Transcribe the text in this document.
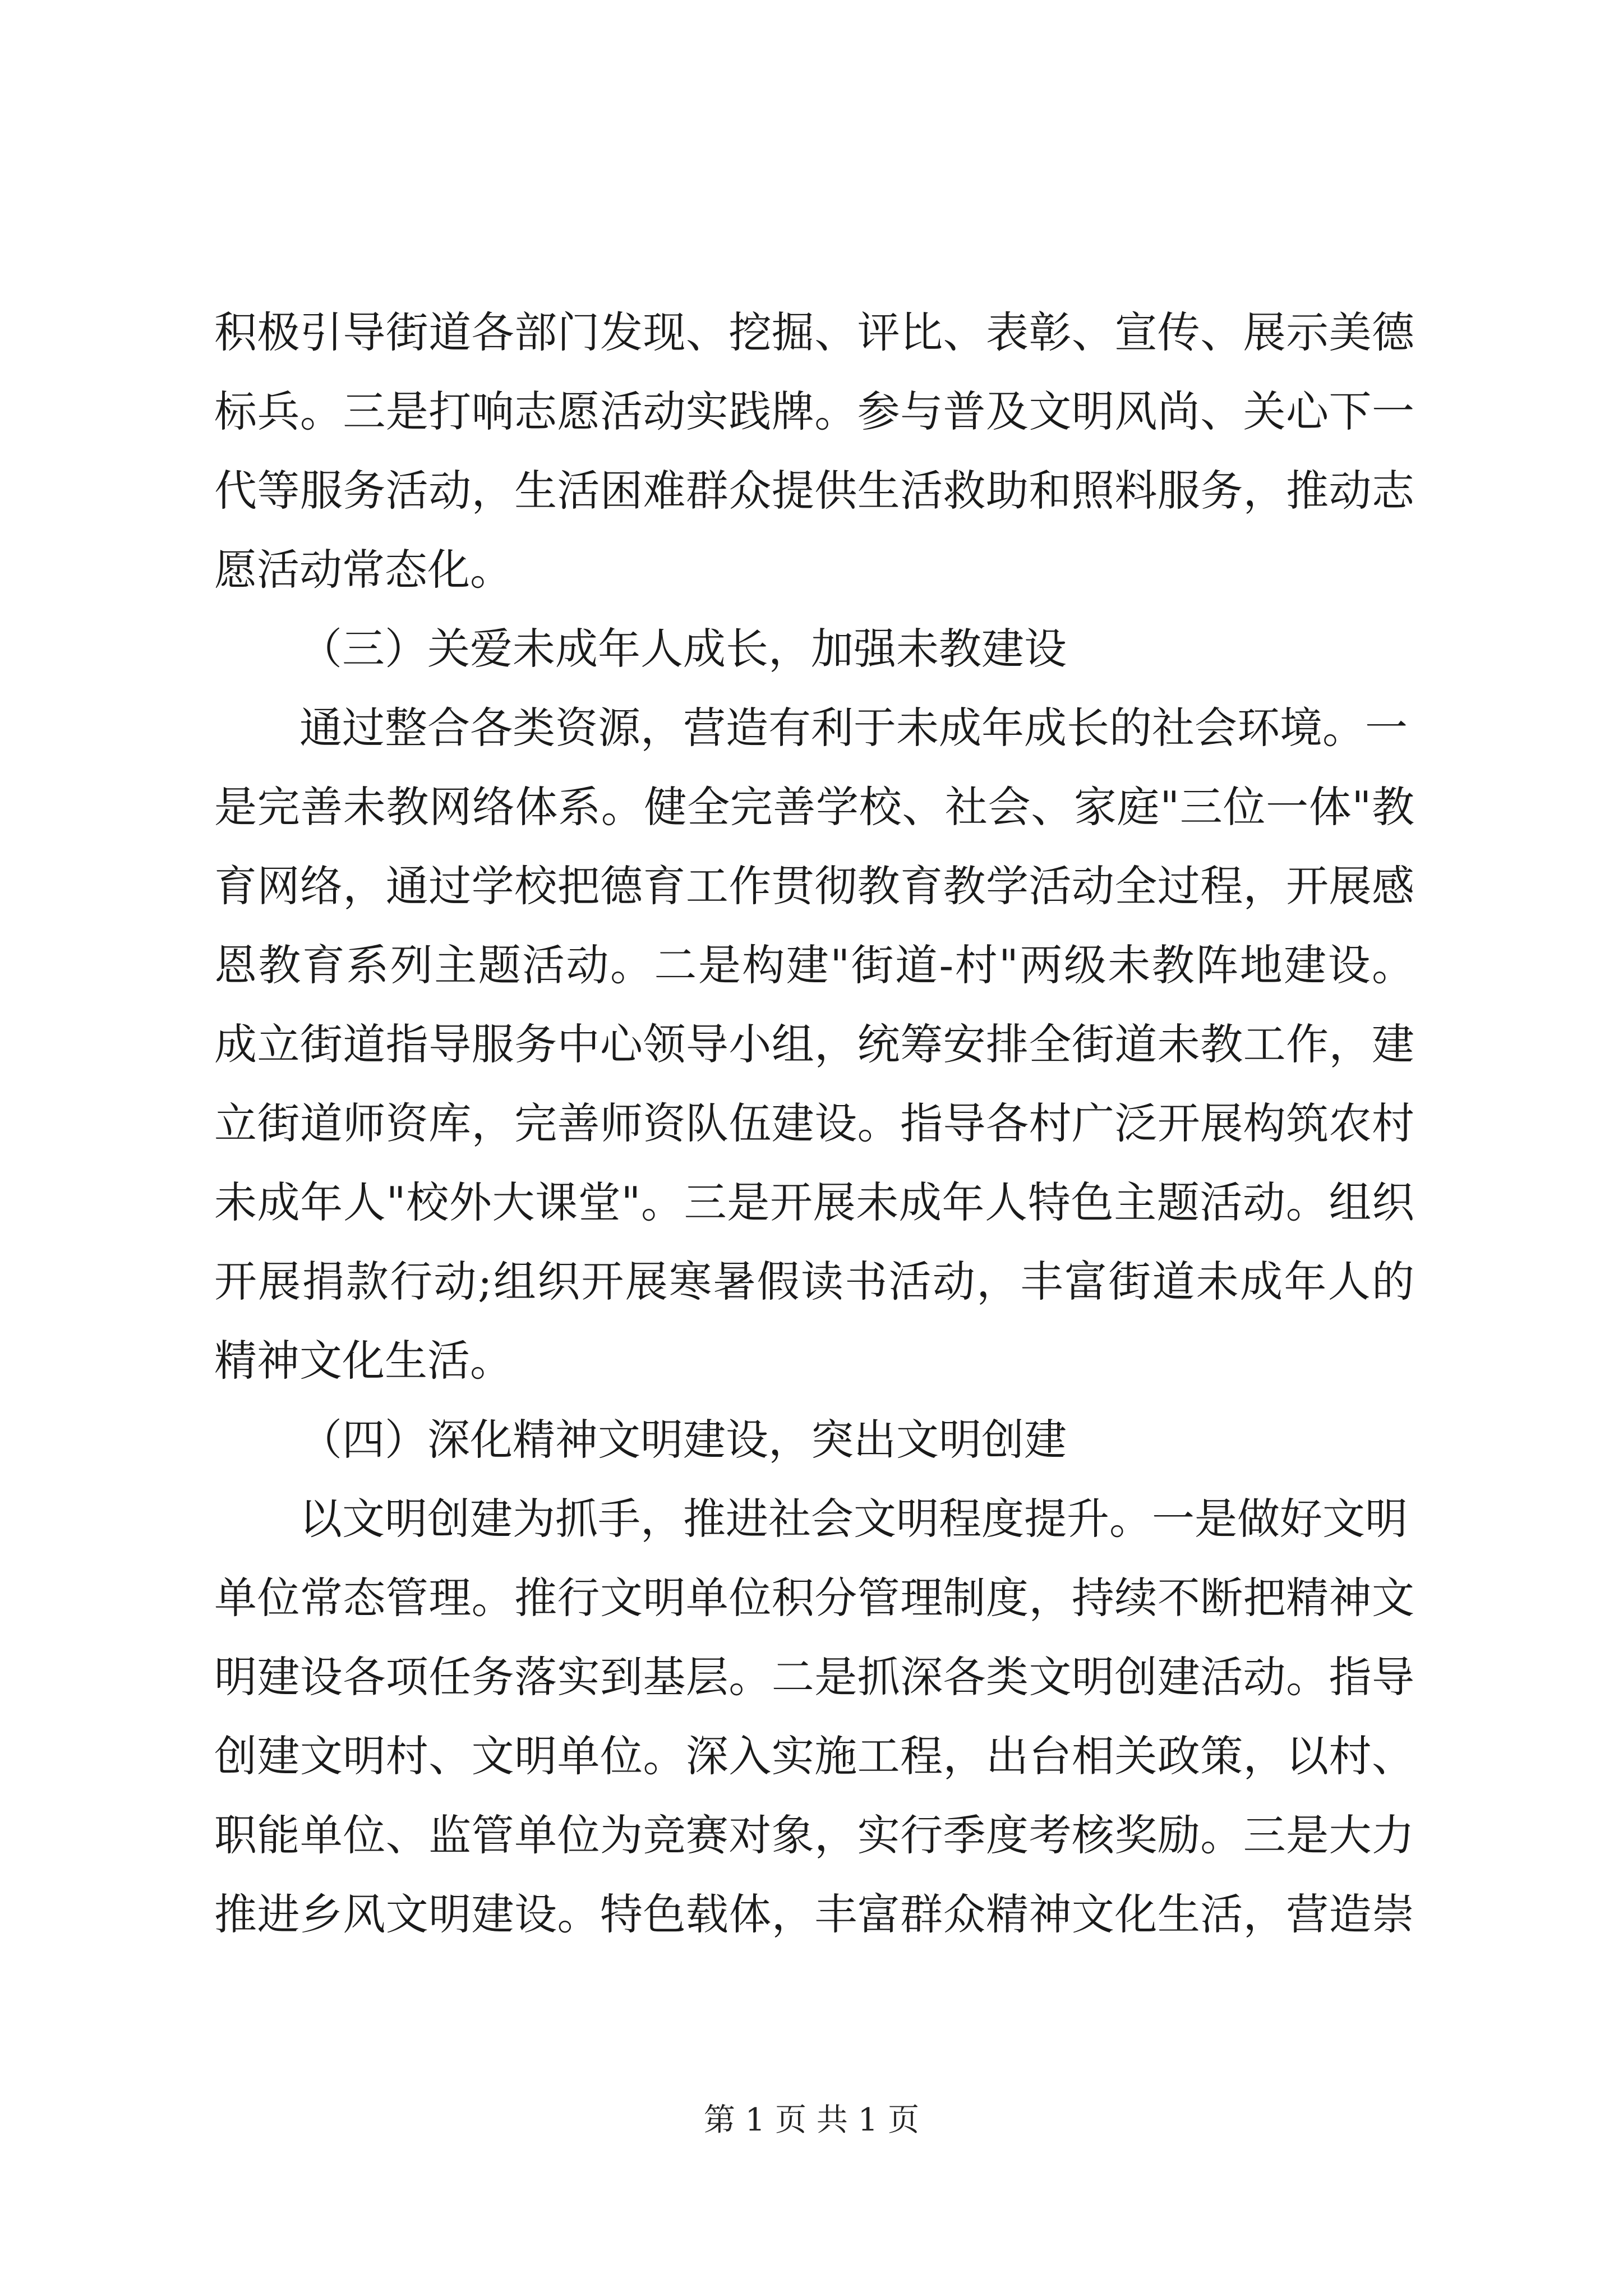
积极引导街道各部门发现、挖掘、评比、表彰、宣传、展示美德
标兵。三是打响志愿活动实践牌。参与普及文明风尚、关心下一
代等服务活动，生活困难群众提供生活救助和照料服务，推动志
愿活动常态化。
（三）关爱未成年人成长，加强未教建设
通过整合各类资源，营造有利于未成年成长的社会环境。一
是完善未教网络体系。健全完善学校、社会、家庭"三位一体"教
育网络，通过学校把德育工作贯彻教育教学活动全过程，开展感
恩教育系列主题活动。二是构建"街道-村"两级未教阵地建设。
成立街道指导服务中心领导小组，统筹安排全街道未教工作，建
立街道师资库，完善师资队伍建设。指导各村广泛开展构筑农村
未成年人"校外大课堂"。三是开展未成年人特色主题活动。组织
开展捐款行动;组织开展寒暑假读书活动，丰富街道未成年人的
精神文化生活。
（四）深化精神文明建设，突出文明创建
以文明创建为抓手，推进社会文明程度提升。一是做好文明
单位常态管理。推行文明单位积分管理制度，持续不断把精神文
明建设各项任务落实到基层。二是抓深各类文明创建活动。指导
创建文明村、文明单位。深入实施工程，出台相关政策，以村、
职能单位、监管单位为竞赛对象，实行季度考核奖励。三是大力
推进乡风文明建设。特色载体，丰富群众精神文化生活，营造崇
第 1 页 共 1 页
